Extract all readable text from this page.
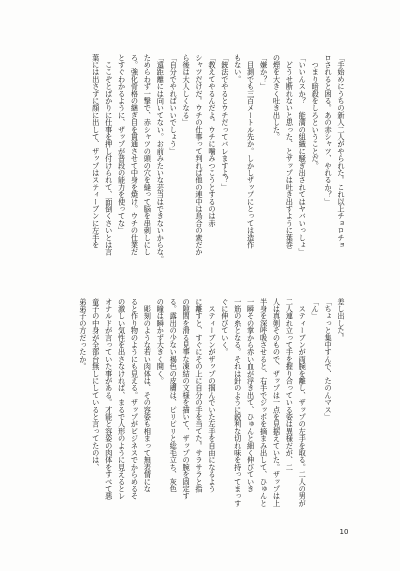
「手始めにうちの新人二人がやられた。これ以上チョロチョ
ロされると困る。あの赤シャツ、やれるか？」
　つまり暗殺をしろということだ。
「いいんスか？　能満の組織に騒ぎ出されてはヤバいっしょ」
　どうせ断れないと思った、とザップは吐き出すように葉巻
の煙を大きく吐き出した。
「嫌か？」
　目測でも三百メートル先か。しかしザップにとっては造作
もない。
「銃法でやるとウチだってバレますよ？」
「教えてやるんだよ。ウチに噛みつこうとするのは赤
シャツだけだ。ウチの仕事って判れば他の連中は烏合の衆だか
ら後は大人しくなる」
「自分でやればいいでしょう」
「遠距離には向いてない。お前みたいな芸当はできないからな。
ためらわず一撃で、赤シャツの頭の穴を縫って脳を串刺しにし
ろ。強化骨格の継ぎ目を貫通させて中身を焼け。ウチの仕業だ
とすぐわかるように、ザップが普段の能力を使ってな」
　ここぞとばかりに仕事を押し付けられて、面倒くさいとは言
葉には出さずに顔に出して、ザップはスティーブンに左手を
差し出した。
「ちょっと集中すんで、たのんマス」
「ん」
　スティーブンが両腕を離し、ザップの左手を取る。二人の男が
二人連れ立って手を握り合っている姿は異様だが、二
人は真剣そのもので、ザップは一点を見据えていた。ザップは上
半身を深呼吸させると、右手でジッポを摘まみ出して、ひゅんと
一瞬その掌から赤い血が浮き出て、ひゅんと細く伸びていき
一筋の糸となる。それは針のように鋭利な切れ味を持ってまっす
ぐに伸びていく。
　スティーブンがザップの掴んでいた左手を自由になるよう
に離すと、すぐにその上に自分の手を当てた。サラサラと指
の隙間を滑る見事な凍結の文様を描いて、ザップの腕を固定す
る。露出の少ない褐色の皮膚は、ピリピリと総毛立ち、灰色
の瞳は瞬かず大きく開く。
　彫刻のような若い肉体は、その容姿も相まって無表情にな
ると作り物のようにも見える。ザップがビジネスでからめるそ
の激しい気性を出さなければ、まるで人形のように見えるとレ
オナルドが言っていた事がある。才能と容姿の肉体をすべて悪
童子の中身が全部台無しにしていると言ってたのは、
弟弟子の方だったか。
10
